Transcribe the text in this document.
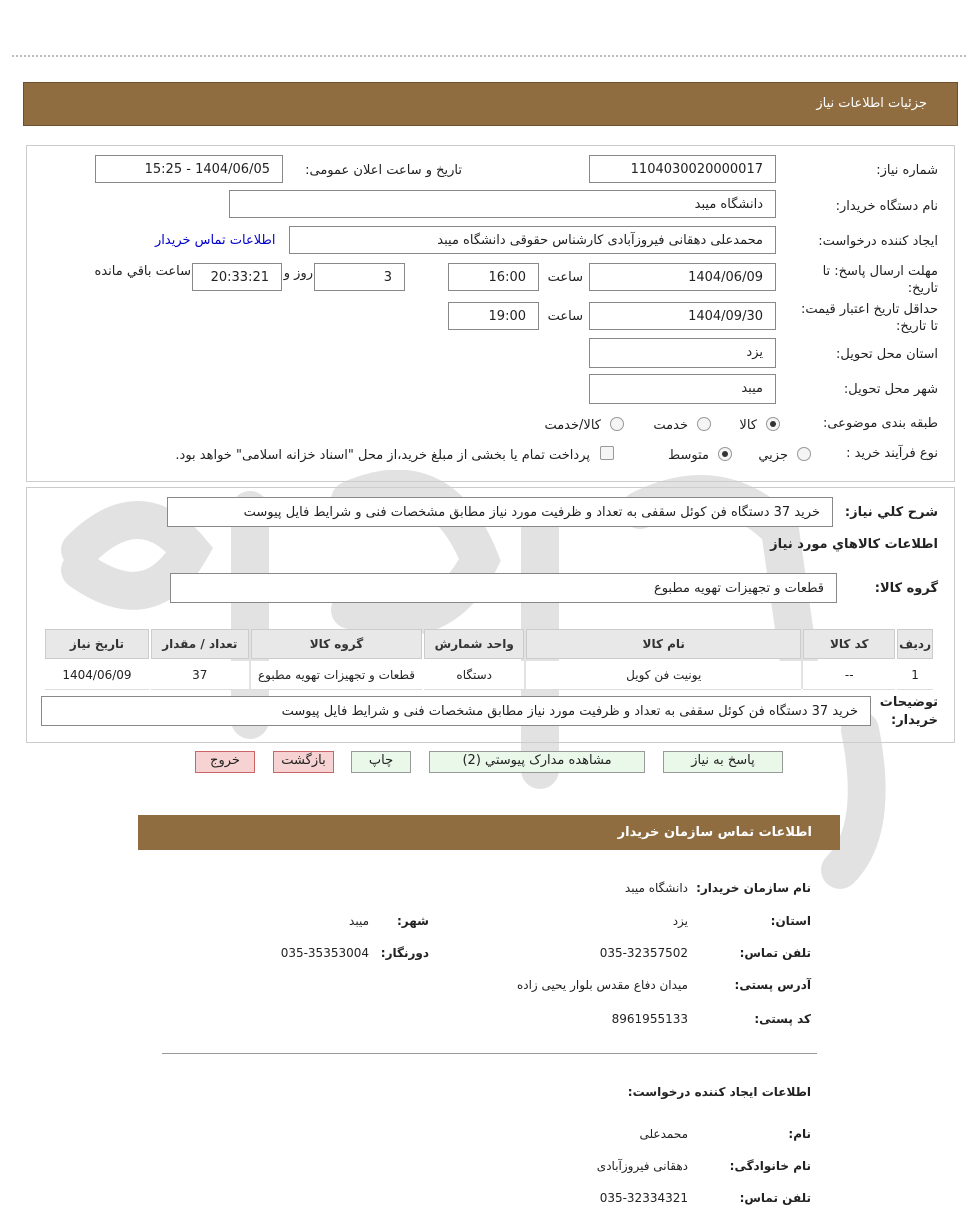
جزئیات اطلاعات نیاز
شماره نیاز:
1104030020000017
تاریخ و ساعت اعلان عمومی:
1404/06/05 - 15:25
نام دستگاه خریدار:
دانشگاه میبد
ایجاد کننده درخواست:
محمدعلی دهقانی فیروزآبادی کارشناس حقوقی دانشگاه میبد
اطلاعات تماس خریدار
مهلت ارسال پاسخ: تا
تاریخ:
1404/06/09
ساعت
16:00
3
روز و
20:33:21
ساعت باقي مانده
حداقل تاریخ اعتبار قیمت:
تا تاریخ:
1404/09/30
ساعت
19:00
استان محل تحویل:
یزد
شهر محل تحویل:
میبد
طبقه بندی موضوعی:
کالا
خدمت
کالا/خدمت
نوع فرآیند خرید :
جزيي
متوسط
پرداخت تمام یا بخشی از مبلغ خرید،از محل "اسناد خزانه اسلامی" خواهد بود.
شرح کلي نياز:
خرید 37 دستگاه فن کوئل سقفی به تعداد و ظرفیت مورد نیاز مطابق مشخصات فنی و شرایط فایل پیوست
اطلاعات کالاهاي مورد نياز
گروه کالا:
قطعات و تجهیزات تهویه مطبوع
رديف	کد کالا	نام کالا	واحد شمارش	گروه کالا	تعداد / مقدار	تاریخ نیاز
1	--	یونیت فن کویل	دستگاه	قطعات و تجهیزات تهویه مطبوع	37	1404/06/09
توضیحات
خریدار:
خرید 37 دستگاه فن کوئل سقفی به تعداد و ظرفیت مورد نیاز مطابق مشخصات فنی و شرایط فایل پیوست
پاسخ به نیاز
مشاهده مدارک پیوستي (2)
چاپ
بازگشت
خروج
اطلاعات تماس سازمان خریدار
نام سازمان خریدار:
دانشگاه میبد
استان:
یزد
شهر:
میبد
تلفن تماس:
035-32357502
دورنگار:
035-35353004
آدرس پستی:
میدان دفاع مقدس بلوار یحیی زاده
کد پستی:
8961955133
اطلاعات ایجاد کننده درخواست:
نام:
محمدعلی
نام خانوادگی:
دهقانی فیروزآبادی
تلفن تماس:
035-32334321
